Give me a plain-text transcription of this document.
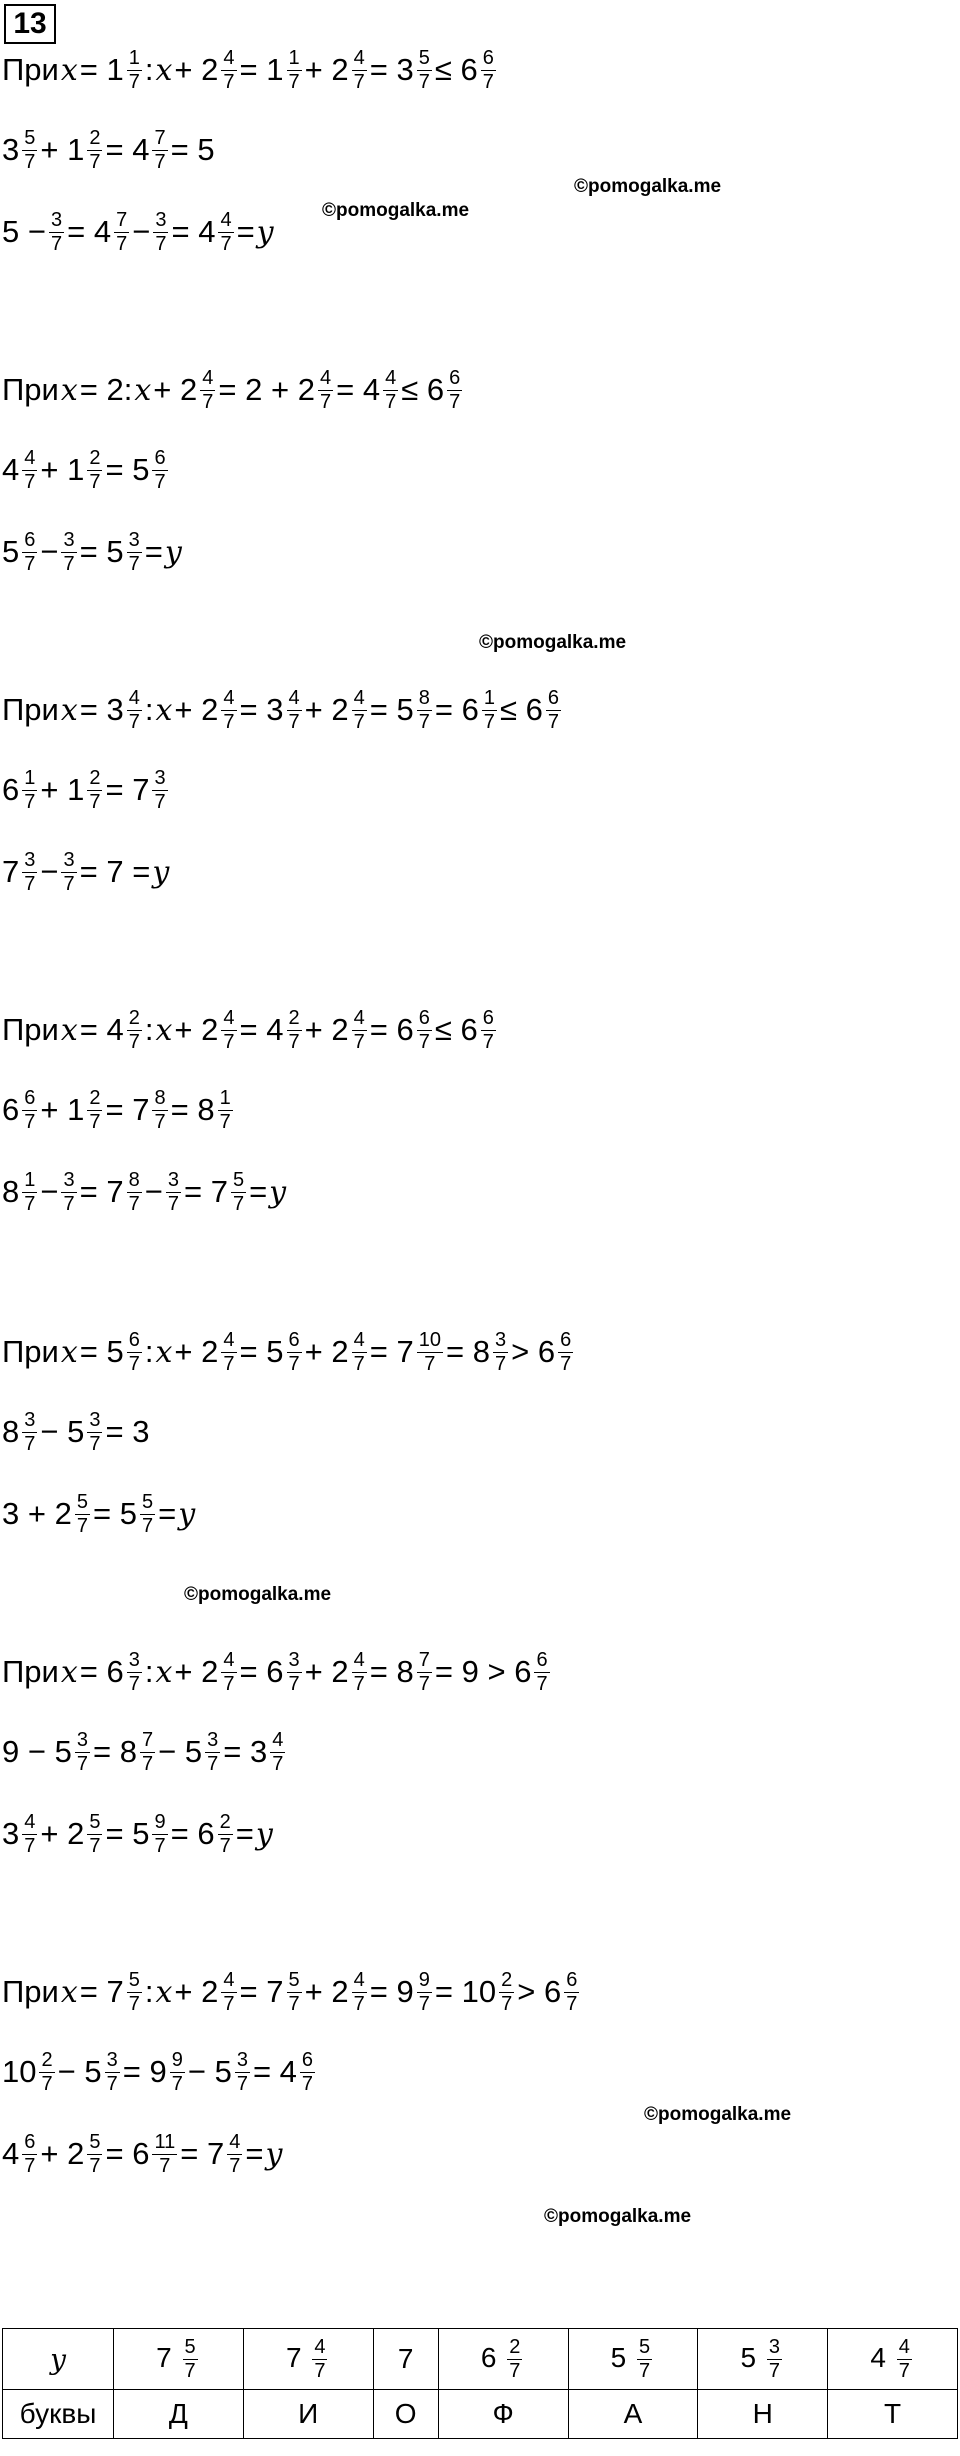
13
При 𝑥 = $1 \frac{1}{7}$ : 𝑥 + $2 \frac{4}{7} = 1 \frac{1}{7} + 2 \frac{4}{7} = 3 \frac{5}{7} \le 6 \frac{6}{7}$
$3 \frac{5}{7} + 1 \frac{2}{7} = 4 \frac{7}{7} = 5$
$5 - \frac{3}{7} = 4 \frac{7}{7} - \frac{3}{7} = 4 \frac{4}{7}$ = 𝑦
При 𝑥 = 2: 𝑥 + $2 \frac{4}{7} = 2 + 2 \frac{4}{7} = 4 \frac{4}{7} \le 6 \frac{6}{7}$
$4 \frac{4}{7} + 1 \frac{2}{7} = 5 \frac{6}{7}$
$5 \frac{6}{7} - \frac{3}{7} = 5 \frac{3}{7}$ = 𝑦
При 𝑥 = $3 \frac{4}{7}$ : 𝑥 + $2 \frac{4}{7} = 3 \frac{4}{7} + 2 \frac{4}{7} = 5 \frac{8}{7} = 6 \frac{1}{7} \le 6 \frac{6}{7}$
$6 \frac{1}{7} + 1 \frac{2}{7} = 7 \frac{3}{7}$
$7 \frac{3}{7} - \frac{3}{7} = 7$ = 𝑦
При 𝑥 = $4 \frac{2}{7}$ : 𝑥 + $2 \frac{4}{7} = 4 \frac{2}{7} + 2 \frac{4}{7} = 6 \frac{6}{7} \le 6 \frac{6}{7}$
$6 \frac{6}{7} + 1 \frac{2}{7} = 7 \frac{8}{7} = 8 \frac{1}{7}$
$8 \frac{1}{7} - \frac{3}{7} = 7 \frac{8}{7} - \frac{3}{7} = 7 \frac{5}{7}$ = 𝑦
При 𝑥 = $5 \frac{6}{7}$ : 𝑥 + $2 \frac{4}{7} = 5 \frac{6}{7} + 2 \frac{4}{7} = 7 \frac{10}{7} = 8 \frac{3}{7} > 6 \frac{6}{7}$
$8 \frac{3}{7} - 5 \frac{3}{7} = 3$
$3 + 2 \frac{5}{7} = 5 \frac{5}{7}$ = 𝑦
При 𝑥 = $6 \frac{3}{7}$ : 𝑥 + $2 \frac{4}{7} = 6 \frac{3}{7} + 2 \frac{4}{7} = 8 \frac{7}{7} = 9 > 6 \frac{6}{7}$
$9 - 5 \frac{3}{7} = 8 \frac{7}{7} - 5 \frac{3}{7} = 3 \frac{4}{7}$
$3 \frac{4}{7} + 2 \frac{5}{7} = 5 \frac{9}{7} = 6 \frac{2}{7}$ = 𝑦
При 𝑥 = $7 \frac{5}{7}$ : 𝑥 + $2 \frac{4}{7} = 7 \frac{5}{7} + 2 \frac{4}{7} = 9 \frac{9}{7} = 10 \frac{2}{7} > 6 \frac{6}{7}$
$10 \frac{2}{7} - 5 \frac{3}{7} = 9 \frac{9}{7} - 5 \frac{3}{7} = 4 \frac{6}{7}$
$4 \frac{6}{7} + 2 \frac{5}{7} = 6 \frac{11}{7} = 7 \frac{4}{7}$ = 𝑦
©pomogalka.me
©pomogalka.me
©pomogalka.me
©pomogalka.me
©pomogalka.me
©pomogalka.me
𝑦	$7 \frac{5}{7}$	$7 \frac{4}{7}$	7	$6 \frac{2}{7}$	$5 \frac{5}{7}$	$5 \frac{3}{7}$	$4 \frac{4}{7}$

буквы	Д	И	О	Ф	А	Н	Т
